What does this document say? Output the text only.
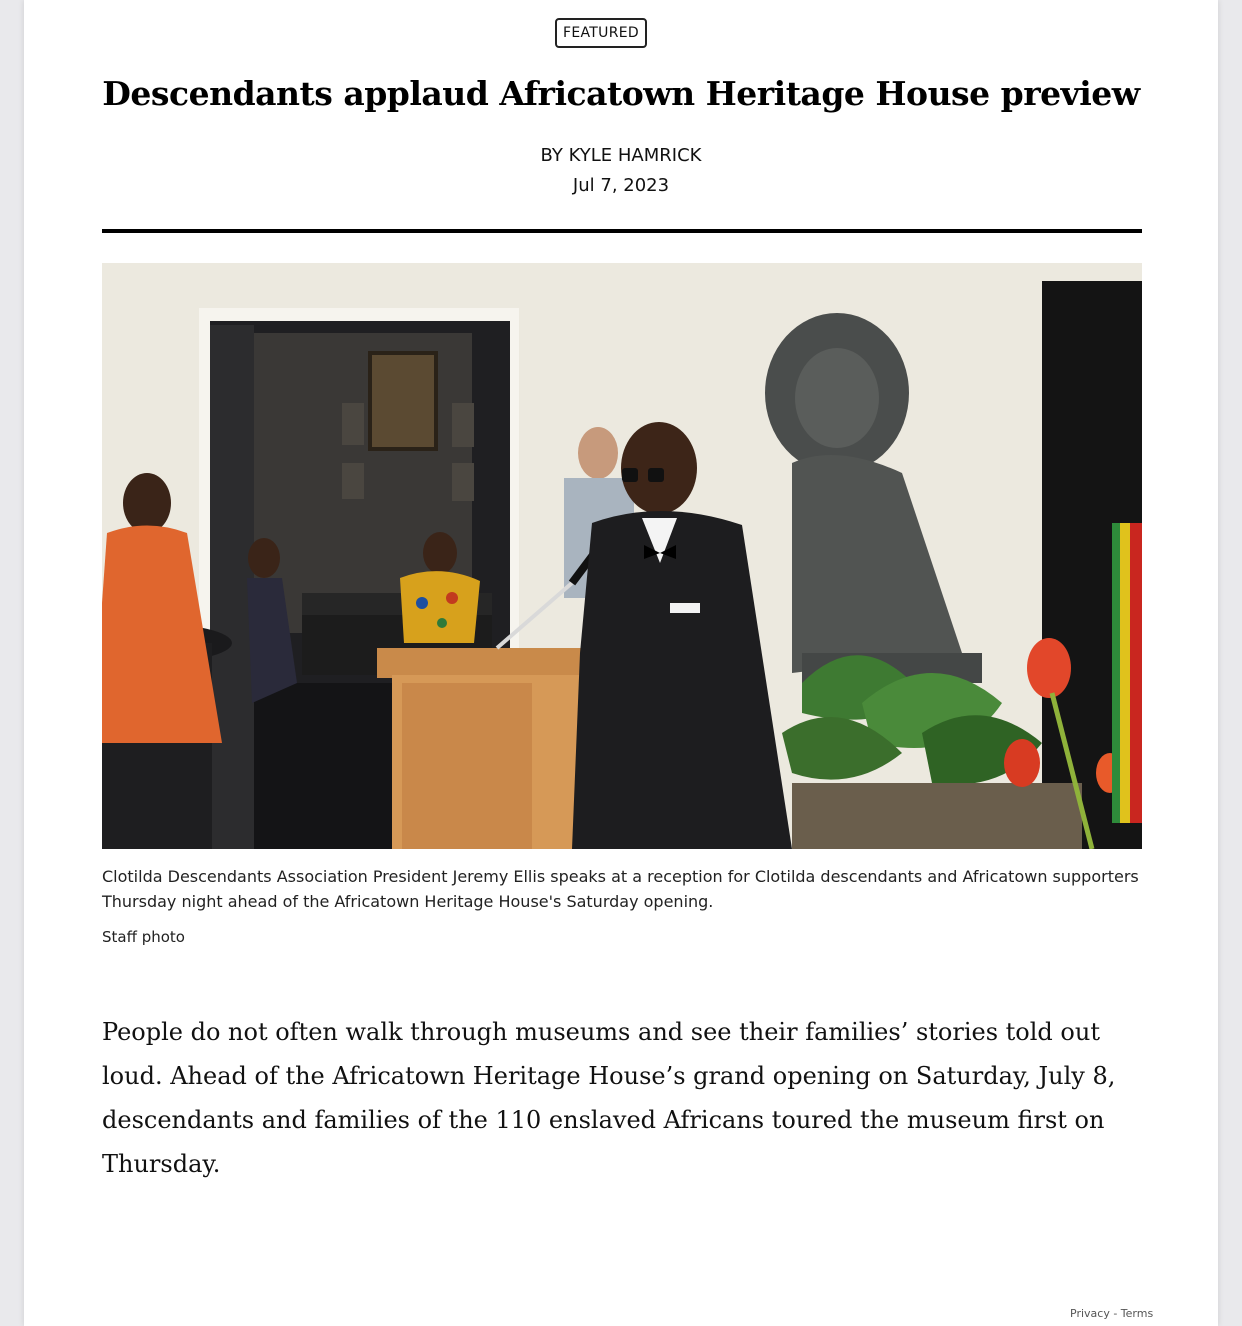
FEATURED
Descendants applaud Africatown Heritage House preview
BY KYLE HAMRICK
Jul 7, 2023

Clotilda Descendants Association President Jeremy Ellis speaks at a reception for Clotilda descendants and Africatown supporters Thursday night ahead of the Africatown Heritage House's Saturday opening.

Staff photo

People do not often walk through museums and see their families’ stories told out loud. Ahead of the Africatown Heritage House’s grand opening on Saturday, July 8, descendants and families of the 110 enslaved Africans toured the museum first on Thursday.

Privacy - Terms
